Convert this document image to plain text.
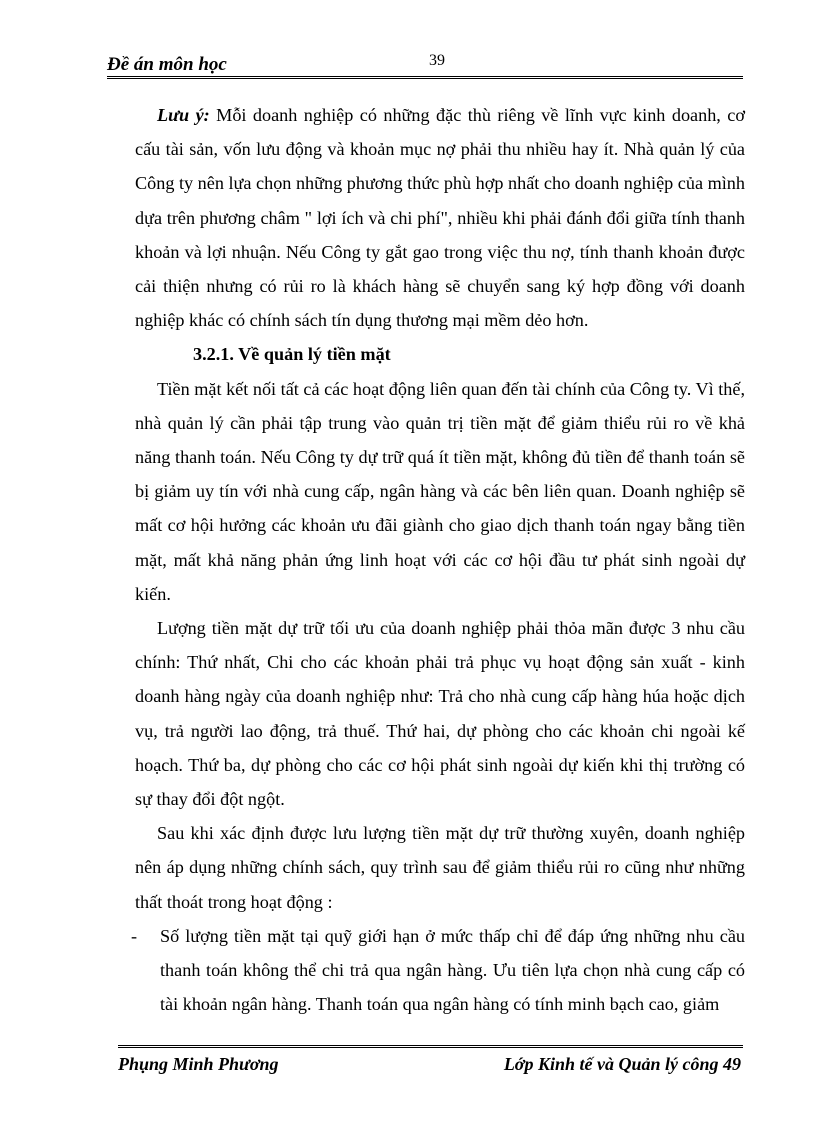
Đề án môn học	39

Lưu ý: Mỗi doanh nghiệp có những đặc thù riêng về lĩnh vực kinh doanh, cơ cấu tài sản, vốn lưu động và khoản mục nợ phải thu nhiều hay ít. Nhà quản lý của Công ty nên lựa chọn những phương thức phù hợp nhất cho doanh nghiệp của mình dựa trên phương châm " lợi ích và chi phí", nhiều khi phải đánh đổi giữa tính thanh khoản và lợi nhuận. Nếu Công ty gắt gao trong việc thu nợ, tính thanh khoản được cải thiện nhưng có rủi ro là khách hàng sẽ chuyển sang ký hợp đồng với doanh nghiệp khác có chính sách tín dụng thương mại mềm dẻo hơn.

3.2.1. Về quản lý tiền mặt

Tiền mặt kết nối tất cả các hoạt động liên quan đến tài chính của Công ty. Vì thế, nhà quản lý cần phải tập trung vào quản trị tiền mặt để giảm thiểu rủi ro về khả năng thanh toán. Nếu Công ty dự trữ quá ít tiền mặt, không đủ tiền để thanh toán sẽ bị giảm uy tín với nhà cung cấp, ngân hàng và các bên liên quan. Doanh nghiệp sẽ mất cơ hội hưởng các khoản ưu đãi giành cho giao dịch thanh toán ngay bằng tiền mặt, mất khả năng phản ứng linh hoạt với các cơ hội đầu tư phát sinh ngoài dự kiến.

Lượng tiền mặt dự trữ tối ưu của doanh nghiệp phải thỏa mãn được 3 nhu cầu chính: Thứ nhất, Chi cho các khoản phải trả phục vụ hoạt động sản xuất - kinh doanh hàng ngày của doanh nghiệp như: Trả cho nhà cung cấp hàng húa hoặc dịch vụ, trả người lao động, trả thuế. Thứ hai, dự phòng cho các khoản chi ngoài kế hoạch. Thứ ba, dự phòng cho các cơ hội phát sinh ngoài dự kiến khi thị trường có sự thay đổi đột ngột.

Sau khi xác định được lưu lượng tiền mặt dự trữ thường xuyên, doanh nghiệp nên áp dụng những chính sách, quy trình sau để giảm thiểu rủi ro cũng như những thất thoát trong hoạt động :

- Số lượng tiền mặt tại quỹ giới hạn ở mức thấp chỉ để đáp ứng những nhu cầu thanh toán không thể chi trả qua ngân hàng. Ưu tiên lựa chọn nhà cung cấp có tài khoản ngân hàng. Thanh toán qua ngân hàng có tính minh bạch cao, giảm

Phụng Minh Phương	Lớp Kinh tế và Quản lý công 49
